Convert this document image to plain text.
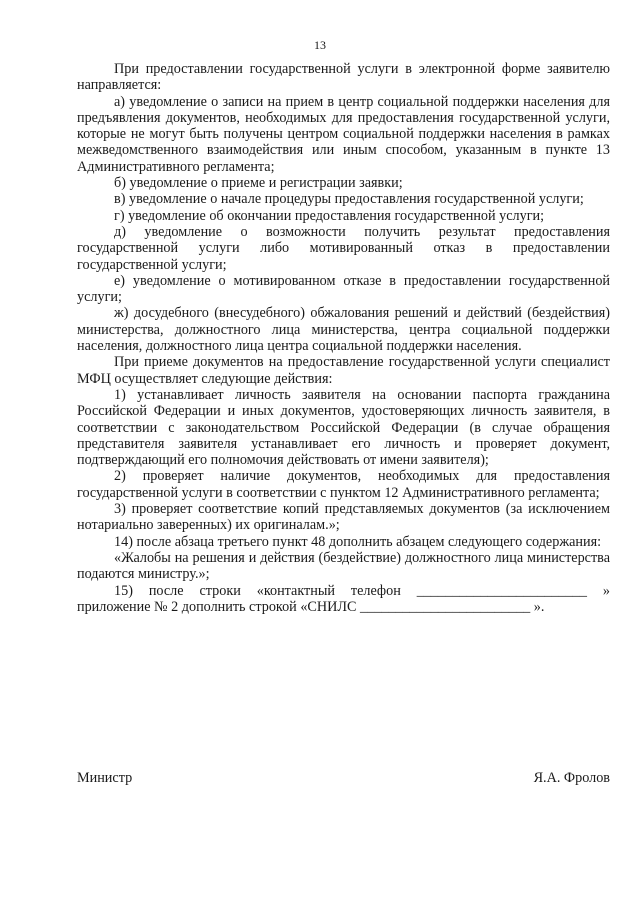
13

При предоставлении государственной услуги в электронной форме заявителю направляется:

а) уведомление о записи на прием в центр социальной поддержки населения для предъявления документов, необходимых для предоставления государственной услуги, которые не могут быть получены центром социальной поддержки населения в рамках межведомственного взаимодействия или иным способом, указанным в пункте 13 Административного регламента;

б) уведомление о приеме и регистрации заявки;

в) уведомление о начале процедуры предоставления государственной услуги;

г) уведомление об окончании предоставления государственной услуги;

д) уведомление о возможности получить результат предоставления государственной услуги либо мотивированный отказ в предоставлении государственной услуги;

е) уведомление о мотивированном отказе в предоставлении государственной услуги;

ж) досудебного (внесудебного) обжалования решений и действий (бездействия) министерства, должностного лица министерства, центра социальной поддержки населения, должностного лица центра социальной поддержки населения.

При приеме документов на предоставление государственной услуги специалист МФЦ осуществляет следующие действия:

1) устанавливает личность заявителя на основании паспорта гражданина Российской Федерации и иных документов, удостоверяющих личность заявителя, в соответствии с законодательством Российской Федерации (в случае обращения представителя заявителя устанавливает его личность и проверяет документ, подтверждающий его полномочия действовать от имени заявителя);

2) проверяет наличие документов, необходимых для предоставления государственной услуги в соответствии с пунктом 12 Административного регламента;

3) проверяет соответствие копий представляемых документов (за исключением нотариально заверенных) их оригиналам.»;

14) после абзаца третьего пункт 48 дополнить абзацем следующего содержания:

«Жалобы на решения и действия (бездействие) должностного лица министерства подаются министру.»;

15) после строки «контактный телефон ________________________ » приложение № 2 дополнить строкой «СНИЛС ________________________ ».

Министр	Я.А. Фролов
